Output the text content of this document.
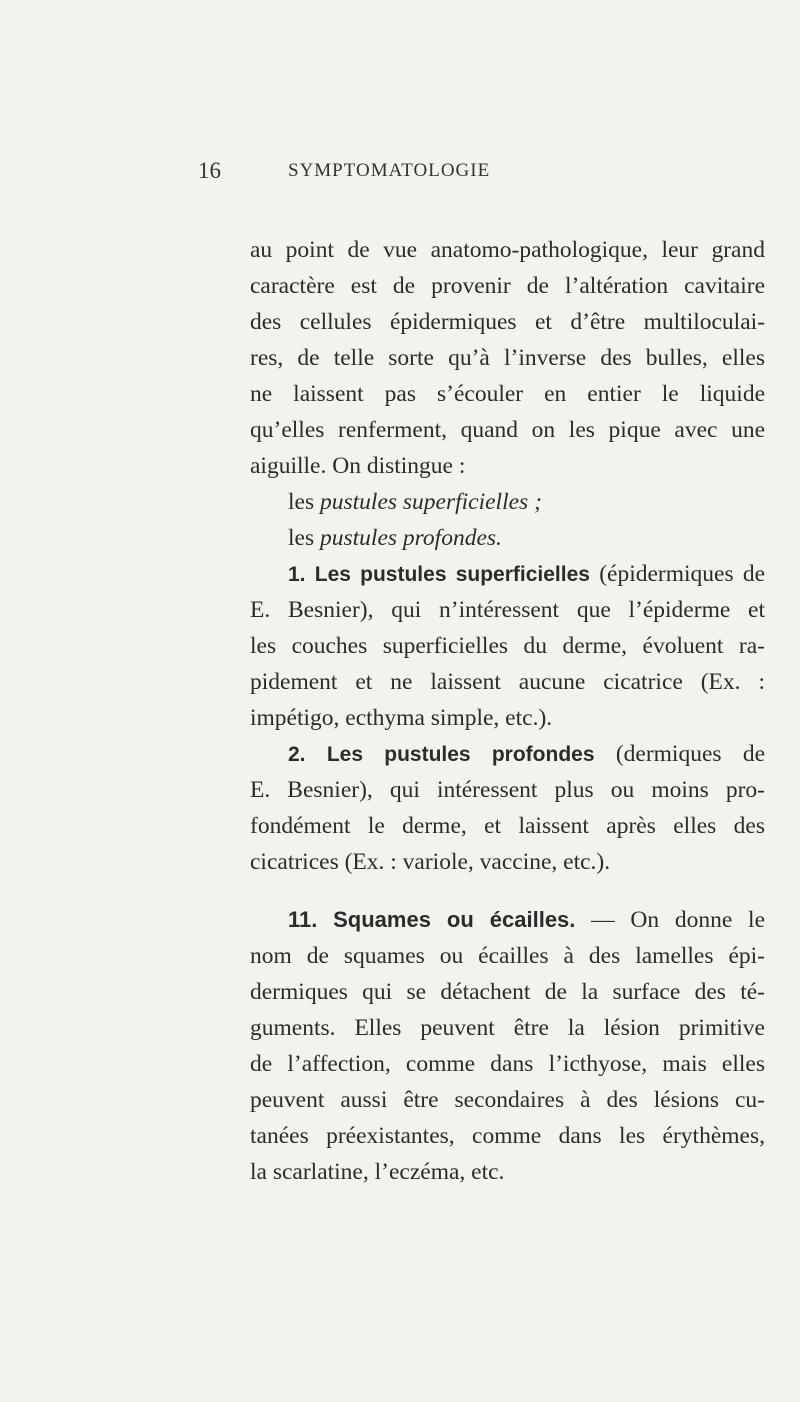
16	SYMPTOMATOLOGIE
au point de vue anatomo-pathologique, leur grand
caractère est de provenir de l’altération cavitaire
des cellules épidermiques et d’être multiloculai-
res, de telle sorte qu’à l’inverse des bulles, elles
ne laissent pas s’écouler en entier le liquide
qu’elles renferment, quand on les pique avec une
aiguille. On distingue :
les pustules superficielles ;
les pustules profondes.
1. Les pustules superficielles (épidermiques de
E. Besnier), qui n’intéressent que l’épiderme et
les couches superficielles du derme, évoluent ra-
pidement et ne laissent aucune cicatrice (Ex. :
impétigo, ecthyma simple, etc.).
2. Les pustules profondes (dermiques de
E. Besnier), qui intéressent plus ou moins pro-
fondément le derme, et laissent après elles des
cicatrices (Ex. : variole, vaccine, etc.).
11. Squames ou écailles. — On donne le
nom de squames ou écailles à des lamelles épi-
dermiques qui se détachent de la surface des té-
guments. Elles peuvent être la lésion primitive
de l’affection, comme dans l’icthyose, mais elles
peuvent aussi être secondaires à des lésions cu-
tanées préexistantes, comme dans les érythèmes,
la scarlatine, l’eczéma, etc.
